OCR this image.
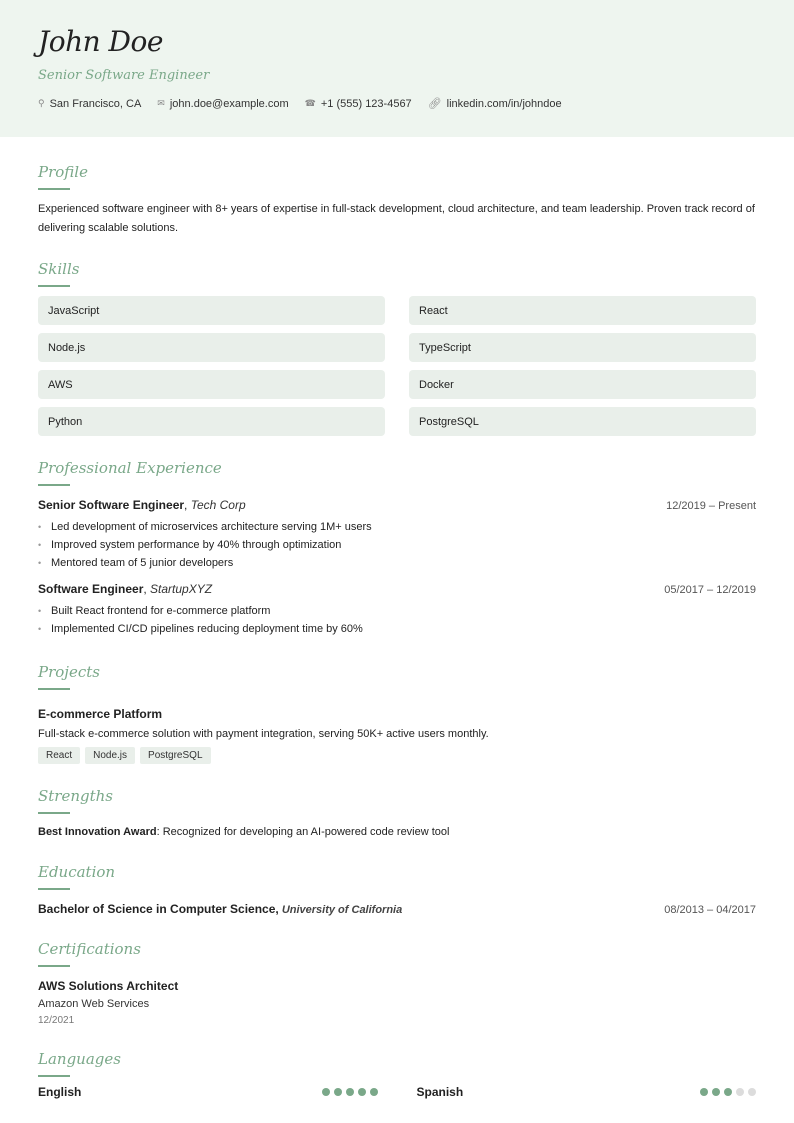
John Doe
Senior Software Engineer
⚲ San Francisco, CA ✉ john.doe@example.com ☎ +1 (555) 123-4567 🔗︎ linkedin.com/in/johndoe
Profile
Experienced software engineer with 8+ years of expertise in full-stack development, cloud architecture, and team leadership. Proven track record of delivering scalable solutions.
Skills
JavaScript	React
Node.js	TypeScript
AWS	Docker
Python	PostgreSQL
Professional Experience
Senior Software Engineer, Tech Corp	12/2019 – Present
• Led development of microservices architecture serving 1M+ users
• Improved system performance by 40% through optimization
• Mentored team of 5 junior developers
Software Engineer, StartupXYZ	05/2017 – 12/2019
• Built React frontend for e-commerce platform
• Implemented CI/CD pipelines reducing deployment time by 60%
Projects
E-commerce Platform
Full-stack e-commerce solution with payment integration, serving 50K+ active users monthly.
React	Node.js	PostgreSQL
Strengths
Best Innovation Award: Recognized for developing an AI-powered code review tool
Education
Bachelor of Science in Computer Science, University of California	08/2013 – 04/2017
Certifications
AWS Solutions Architect
Amazon Web Services
12/2021
Languages
English	Spanish
